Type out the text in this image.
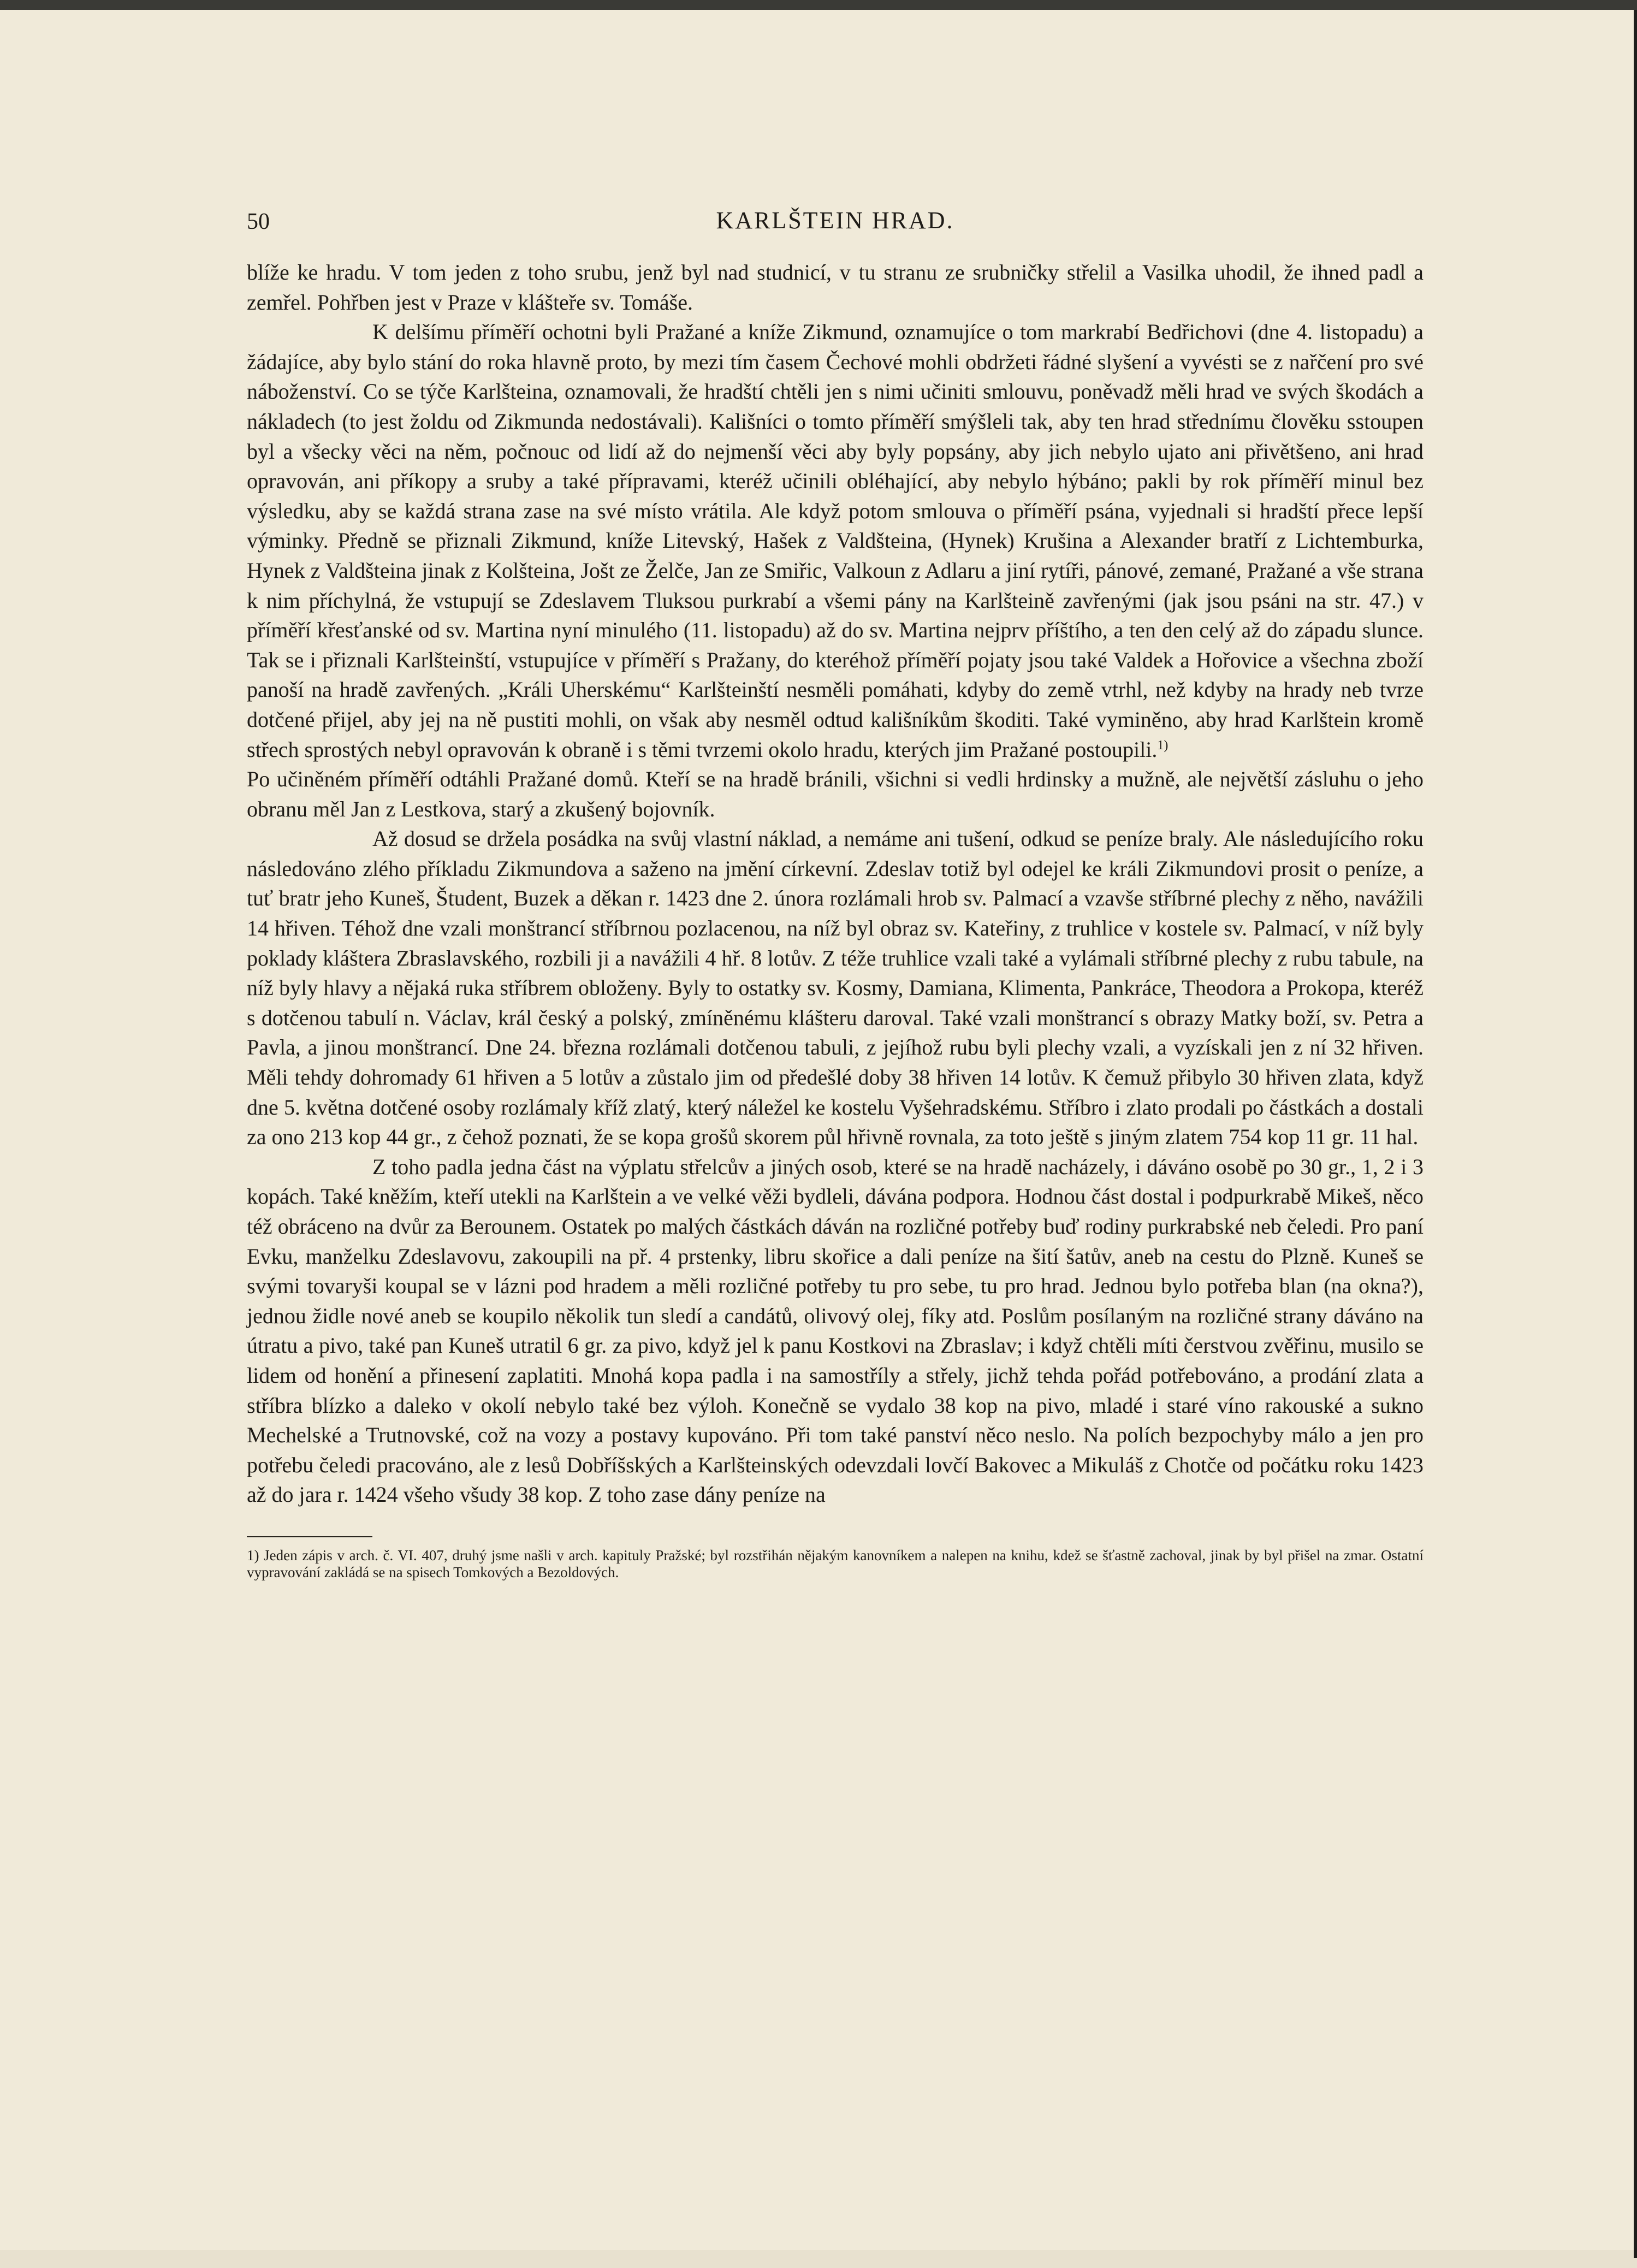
50	KARLŠTEIN HRAD.

blíže ke hradu. V tom jeden z toho srubu, jenž byl nad studnicí, v tu stranu ze srubničky střelil a Vasilka uhodil, že ihned padl a zemřel. Pohřben jest v Praze v klášteře sv. Tomáše.

K delšímu příměří ochotni byli Pražané a kníže Zikmund, oznamujíce o tom markrabí Bedřichovi (dne 4. listopadu) a žádajíce, aby bylo stání do roka hlavně proto, by mezi tím časem Čechové mohli obdržeti řádné slyšení a vyvésti se z nařčení pro své náboženství. Co se týče Karlšteina, oznamovali, že hradští chtěli jen s nimi učiniti smlouvu, poněvadž měli hrad ve svých škodách a nákladech (to jest žoldu od Zikmunda nedostávali). Kališníci o tomto příměří smýšleli tak, aby ten hrad střednímu člověku sstoupen byl a všecky věci na něm, počnouc od lidí až do nejmenší věci aby byly popsány, aby jich nebylo ujato ani přivětšeno, ani hrad opravován, ani příkopy a sruby a také přípravami, kteréž učinili obléhající, aby nebylo hýbáno; pakli by rok příměří minul bez výsledku, aby se každá strana zase na své místo vrátila. Ale když potom smlouva o příměří psána, vyjednali si hradští přece lepší výminky. Předně se přiznali Zikmund, kníže Litevský, Hašek z Valdšteina, (Hynek) Krušina a Alexander bratří z Lichtemburka, Hynek z Valdšteina jinak z Kolšteina, Jošt ze Želče, Jan ze Smiřic, Valkoun z Adlaru a jiní rytíři, pánové, zemané, Pražané a vše strana k nim příchylná, že vstupují se Zdeslavem Tluksou purkrabí a všemi pány na Karlšteině zavřenými (jak jsou psáni na str. 47.) v příměří křesťanské od sv. Martina nyní minulého (11. listopadu) až do sv. Martina nejprv příštího, a ten den celý až do západu slunce. Tak se i přiznali Karlšteinští, vstupujíce v příměří s Pražany, do kteréhož příměří pojaty jsou také Valdek a Hořovice a všechna zboží panoší na hradě zavřených. „Králi Uherskému“ Karlšteinští nesměli pomáhati, kdyby do země vtrhl, než kdyby na hrady neb tvrze dotčené přijel, aby jej na ně pustiti mohli, on však aby nesměl odtud kališníkům škoditi. Také vyminěno, aby hrad Karlštein kromě střech sprostých nebyl opravován k obraně i s těmi tvrzemi okolo hradu, kterých jim Pražané postoupili.$^{1)}$

Po učiněném příměří odtáhli Pražané domů. Kteří se na hradě bránili, všichni si vedli hrdinsky a mužně, ale největší zásluhu o jeho obranu měl Jan z Lestkova, starý a zkušený bojovník.

Až dosud se držela posádka na svůj vlastní náklad, a nemáme ani tušení, odkud se peníze braly. Ale následujícího roku následováno zlého příkladu Zikmundova a saženo na jmění církevní. Zdeslav totiž byl odejel ke králi Zikmundovi prosit o peníze, a tuť bratr jeho Kuneš, Študent, Buzek a děkan r. 1423 dne 2. února rozlámali hrob sv. Palmací a vzavše stříbrné plechy z něho, navážili 14 hřiven. Téhož dne vzali monštrancí stříbrnou pozlacenou, na níž byl obraz sv. Kateřiny, z truhlice v kostele sv. Palmací, v níž byly poklady kláštera Zbraslavského, rozbili ji a navážili 4 hř. 8 lotův. Z téže truhlice vzali také a vylámali stříbrné plechy z rubu tabule, na níž byly hlavy a nějaká ruka stříbrem obloženy. Byly to ostatky sv. Kosmy, Damiana, Klimenta, Pankráce, Theodora a Prokopa, kteréž s dotčenou tabulí n. Václav, král český a polský, zmíněnému klášteru daroval. Také vzali monštrancí s obrazy Matky boží, sv. Petra a Pavla, a jinou monštrancí. Dne 24. března rozlámali dotčenou tabuli, z jejíhož rubu byli plechy vzali, a vyzískali jen z ní 32 hřiven. Měli tehdy dohromady 61 hřiven a 5 lotův a zůstalo jim od předešlé doby 38 hřiven 14 lotův. K čemuž přibylo 30 hřiven zlata, když dne 5. května dotčené osoby rozlámaly kříž zlatý, který náležel ke kostelu Vyšehradskému. Stříbro i zlato prodali po částkách a dostali za ono 213 kop 44 gr., z čehož poznati, že se kopa grošů skorem půl hřivně rovnala, za toto ještě s jiným zlatem 754 kop 11 gr. 11 hal.

Z toho padla jedna část na výplatu střelcův a jiných osob, které se na hradě nacházely, i dáváno osobě po 30 gr., 1, 2 i 3 kopách. Také kněžím, kteří utekli na Karlštein a ve velké věži bydleli, dávána podpora. Hodnou část dostal i podpurkrabě Mikeš, něco též obráceno na dvůr za Berounem. Ostatek po malých částkách dáván na rozličné potřeby buď rodiny purkrabské neb čeledi. Pro paní Evku, manželku Zdeslavovu, zakoupili na př. 4 prstenky, libru skořice a dali peníze na šití šatův, aneb na cestu do Plzně. Kuneš se svými tovaryši koupal se v lázni pod hradem a měli rozličné potřeby tu pro sebe, tu pro hrad. Jednou bylo potřeba blan (na okna?), jednou židle nové aneb se koupilo několik tun sledí a candátů, olivový olej, fíky atd. Poslům posílaným na rozličné strany dáváno na útratu a pivo, také pan Kuneš utratil 6 gr. za pivo, když jel k panu Kostkovi na Zbraslav; i když chtěli míti čerstvou zvěřinu, musilo se lidem od honění a přinesení zaplatiti. Mnohá kopa padla i na samostříly a střely, jichž tehda pořád potřebováno, a prodání zlata a stříbra blízko a daleko v okolí nebylo také bez výloh. Konečně se vydalo 38 kop na pivo, mladé i staré víno rakouské a sukno Mechelské a Trutnovské, což na vozy a postavy kupováno. Při tom také panství něco neslo. Na polích bezpochyby málo a jen pro potřebu čeledi pracováno, ale z lesů Dobříšských a Karlšteinských odevzdali lovčí Bakovec a Mikuláš z Chotče od počátku roku 1423 až do jara r. 1424 všeho všudy 38 kop. Z toho zase dány peníze na

1) Jeden zápis v arch. č. VI. 407, druhý jsme našli v arch. kapituly Pražské; byl rozstřihán nějakým kanovníkem a nalepen na knihu, kdež se šťastně zachoval, jinak by byl přišel na zmar. Ostatní vypravování zakládá se na spisech Tomkových a Bezoldových.
